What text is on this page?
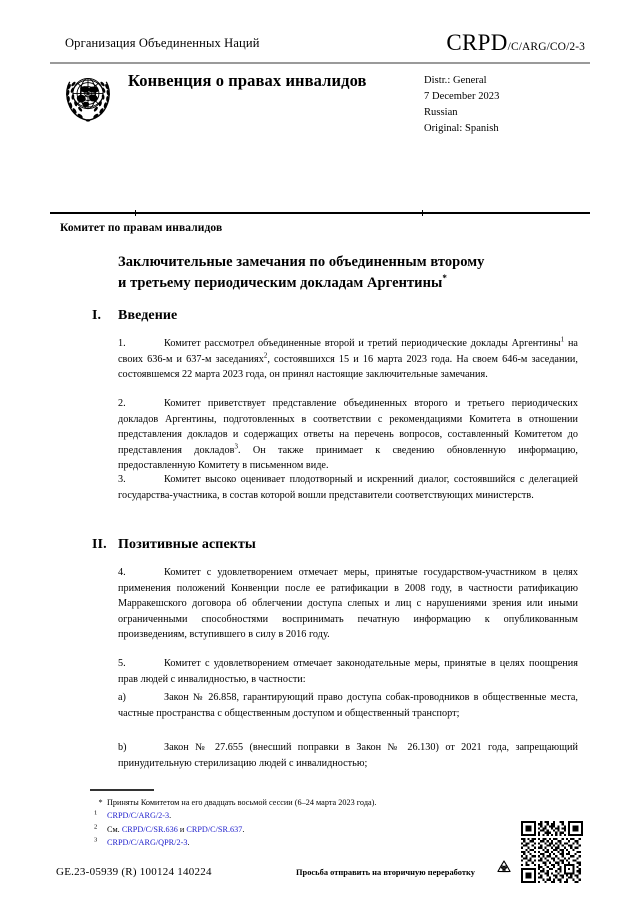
Организация Объединенных Наций	CRPD/C/ARG/CO/2-3
Конвенция о правах инвалидов	Distr.: General
7 December 2023
Russian
Original: Spanish
Комитет по правам инвалидов
Заключительные замечания по объединенным второму
и третьему периодическим докладам Аргентины*
I. Введение
1.	Комитет рассмотрел объединенные второй и третий периодические доклады Аргентины$^1$ на своих 636-м и 637-м заседаниях$^2$, состоявшихся 15 и 16 марта 2023 года. На своем 646-м заседании, состоявшемся 22 марта 2023 года, он принял настоящие заключительные замечания.
2.	Комитет приветствует представление объединенных второго и третьего периодических докладов Аргентины, подготовленных в соответствии с рекомендациями Комитета в отношении представления докладов и содержащих ответы на перечень вопросов, составленный Комитетом до представления докладов$^3$. Он также принимает к сведению обновленную информацию, предоставленную Комитету в письменном виде.
3.	Комитет высоко оценивает плодотворный и искренний диалог, состоявшийся с делегацией государства-участника, в состав которой вошли представители соответствующих министерств.
II. Позитивные аспекты
4.	Комитет с удовлетворением отмечает меры, принятые государством-участником в целях применения положений Конвенции после ее ратификации в 2008 году, в частности ратификацию Марракешского договора об облегчении доступа слепых и лиц с нарушениями зрения или иными ограниченными способностями воспринимать печатную информацию к опубликованным произведениям, вступившего в силу в 2016 году.
5.	Комитет с удовлетворением отмечает законодательные меры, принятые в целях поощрения прав людей с инвалидностью, в частности:
a)	Закон № 26.858, гарантирующий право доступа собак-проводников в общественные места, частные пространства с общественным доступом и общественный транспорт;
b)	Закон № 27.655 (внесший поправки в Закон № 26.130) от 2021 года, запрещающий принудительную стерилизацию людей с инвалидностью;
* Приняты Комитетом на его двадцать восьмой сессии (6–24 марта 2023 года).
$^1$ CRPD/C/ARG/2-3.
$^2$ См. CRPD/C/SR.636 и CRPD/C/SR.637.
$^3$ CRPD/C/ARG/QPR/2-3.
GE.23-05939 (R) 100124 140224	Просьба отправить на вторичную переработку
